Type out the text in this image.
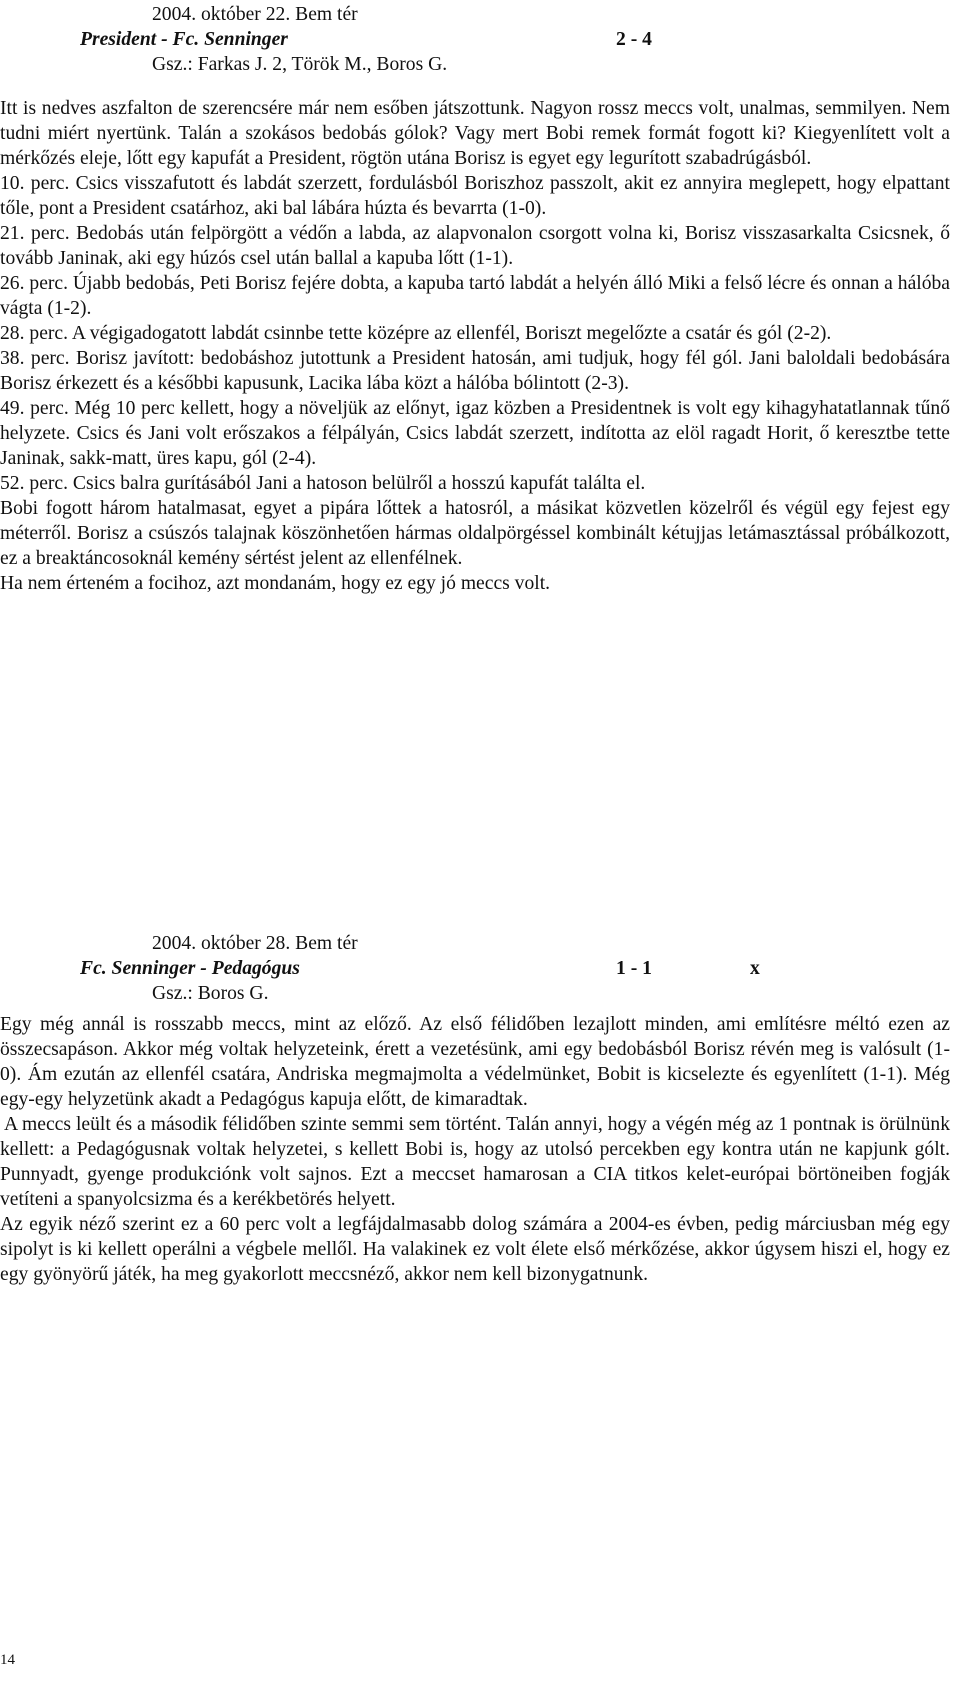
2004. október 22. Bem tér
President - Fc. Senninger	2 - 4
Gsz.: Farkas J. 2, Török M., Boros G.

Itt is nedves aszfalton de szerencsére már nem esőben játszottunk. Nagyon rossz meccs volt, unalmas, semmilyen. Nem tudni miért nyertünk. Talán a szokásos bedobás gólok? Vagy mert Bobi remek formát fogott ki? Kiegyenlített volt a mérkőzés eleje, lőtt egy kapufát a President, rögtön utána Borisz is egyet egy legurított szabadrúgásból.

10. perc. Csics visszafutott és labdát szerzett, fordulásból Boriszhoz passzolt, akit ez annyira meglepett, hogy elpattant tőle, pont a President csatárhoz, aki bal lábára húzta és bevarrta (1-0).

21. perc. Bedobás után felpörgött a védőn a labda, az alapvonalon csorgott volna ki, Borisz visszasarkalta Csicsnek, ő tovább Janinak, aki egy húzós csel után ballal a kapuba lőtt (1-1).

26. perc. Újabb bedobás, Peti Borisz fejére dobta, a kapuba tartó labdát a helyén álló Miki a felső lécre és onnan a hálóba vágta (1-2).

28. perc. A végigadogatott labdát csinnbe tette középre az ellenfél, Boriszt megelőzte a csatár és gól (2-2).

38. perc. Borisz javított: bedobáshoz jutottunk a President hatosán, ami tudjuk, hogy fél gól. Jani baloldali bedobására Borisz érkezett és a későbbi kapusunk, Lacika lába közt a hálóba bólintott (2-3).

49. perc. Még 10 perc kellett, hogy a növeljük az előnyt, igaz közben a Presidentnek is volt egy kihagyhatatlannak tűnő helyzete. Csics és Jani volt erőszakos a félpályán, Csics labdát szerzett, indította az elöl ragadt Horit, ő keresztbe tette Janinak, sakk-matt, üres kapu, gól (2-4).

52. perc. Csics balra gurításából Jani a hatoson belülről a hosszú kapufát találta el.

Bobi fogott három hatalmasat, egyet a pipára lőttek a hatosról, a másikat közvetlen közelről és végül egy fejest egy méterről. Borisz a csúszós talajnak köszönhetően hármas oldalpörgéssel kombinált kétujjas letámasztással próbálkozott, ez a breaktáncosoknál kemény sértést jelent az ellenfélnek.

Ha nem érteném a focihoz, azt mondanám, hogy ez egy jó meccs volt.

2004. október 28. Bem tér
Fc. Senninger - Pedagógus	1 - 1	x
Gsz.: Boros G.

Egy még annál is rosszabb meccs, mint az előző. Az első félidőben lezajlott minden, ami említésre méltó ezen az összecsapáson. Akkor még voltak helyzeteink, érett a vezetésünk, ami egy bedobásból Borisz révén meg is valósult (1-0). Ám ezután az ellenfél csatára, Andriska megmajmolta a védelmünket, Bobit is kicselezte és egyenlített (1-1). Még egy-egy helyzetünk akadt a Pedagógus kapuja előtt, de kimaradtak.

A meccs leült és a második félidőben szinte semmi sem történt. Talán annyi, hogy a végén még az 1 pontnak is örülnünk kellett: a Pedagógusnak voltak helyzetei, s kellett Bobi is, hogy az utolsó percekben egy kontra után ne kapjunk gólt. Punnyadt, gyenge produkciónk volt sajnos. Ezt a meccset hamarosan a CIA titkos kelet-európai börtöneiben fogják vetíteni a spanyolcsizma és a kerékbetörés helyett.

Az egyik néző szerint ez a 60 perc volt a legfájdalmasabb dolog számára a 2004-es évben, pedig márciusban még egy sipolyt is ki kellett operálni a végbele mellől. Ha valakinek ez volt élete első mérkőzése, akkor úgysem hiszi el, hogy ez egy gyönyörű játék, ha meg gyakorlott meccsnéző, akkor nem kell bizonygatnunk.

14
